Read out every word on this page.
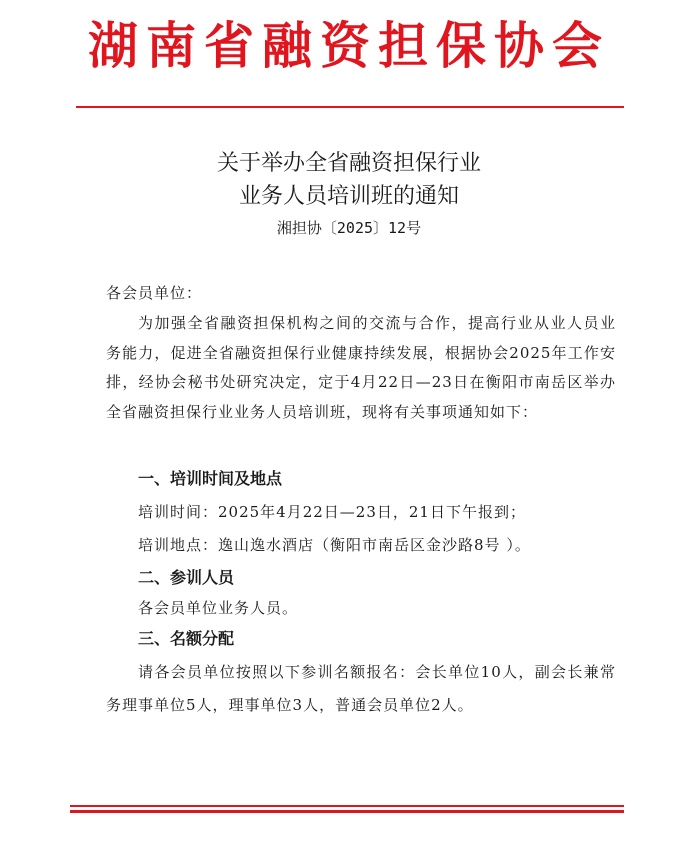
湖南省融资担保协会
关于举办全省融资担保行业
业务人员培训班的通知
湘担协〔2025〕12号
各会员单位：
为加强全省融资担保机构之间的交流与合作，提高行业从业人员业务能力，促进全省融资担保行业健康持续发展，根据协会2025年工作安排，经协会秘书处研究决定，定于4月22日—23日在衡阳市南岳区举办全省融资担保行业业务人员培训班，现将有关事项通知如下：
一、培训时间及地点
培训时间：2025年4月22日—23日，21日下午报到；
培训地点：逸山逸水酒店（衡阳市南岳区金沙路8号 ）。
二、参训人员
各会员单位业务人员。
三、名额分配
请各会员单位按照以下参训名额报名：会长单位10人，副会长兼常务理事单位5人，理事单位3人，普通会员单位2人。
